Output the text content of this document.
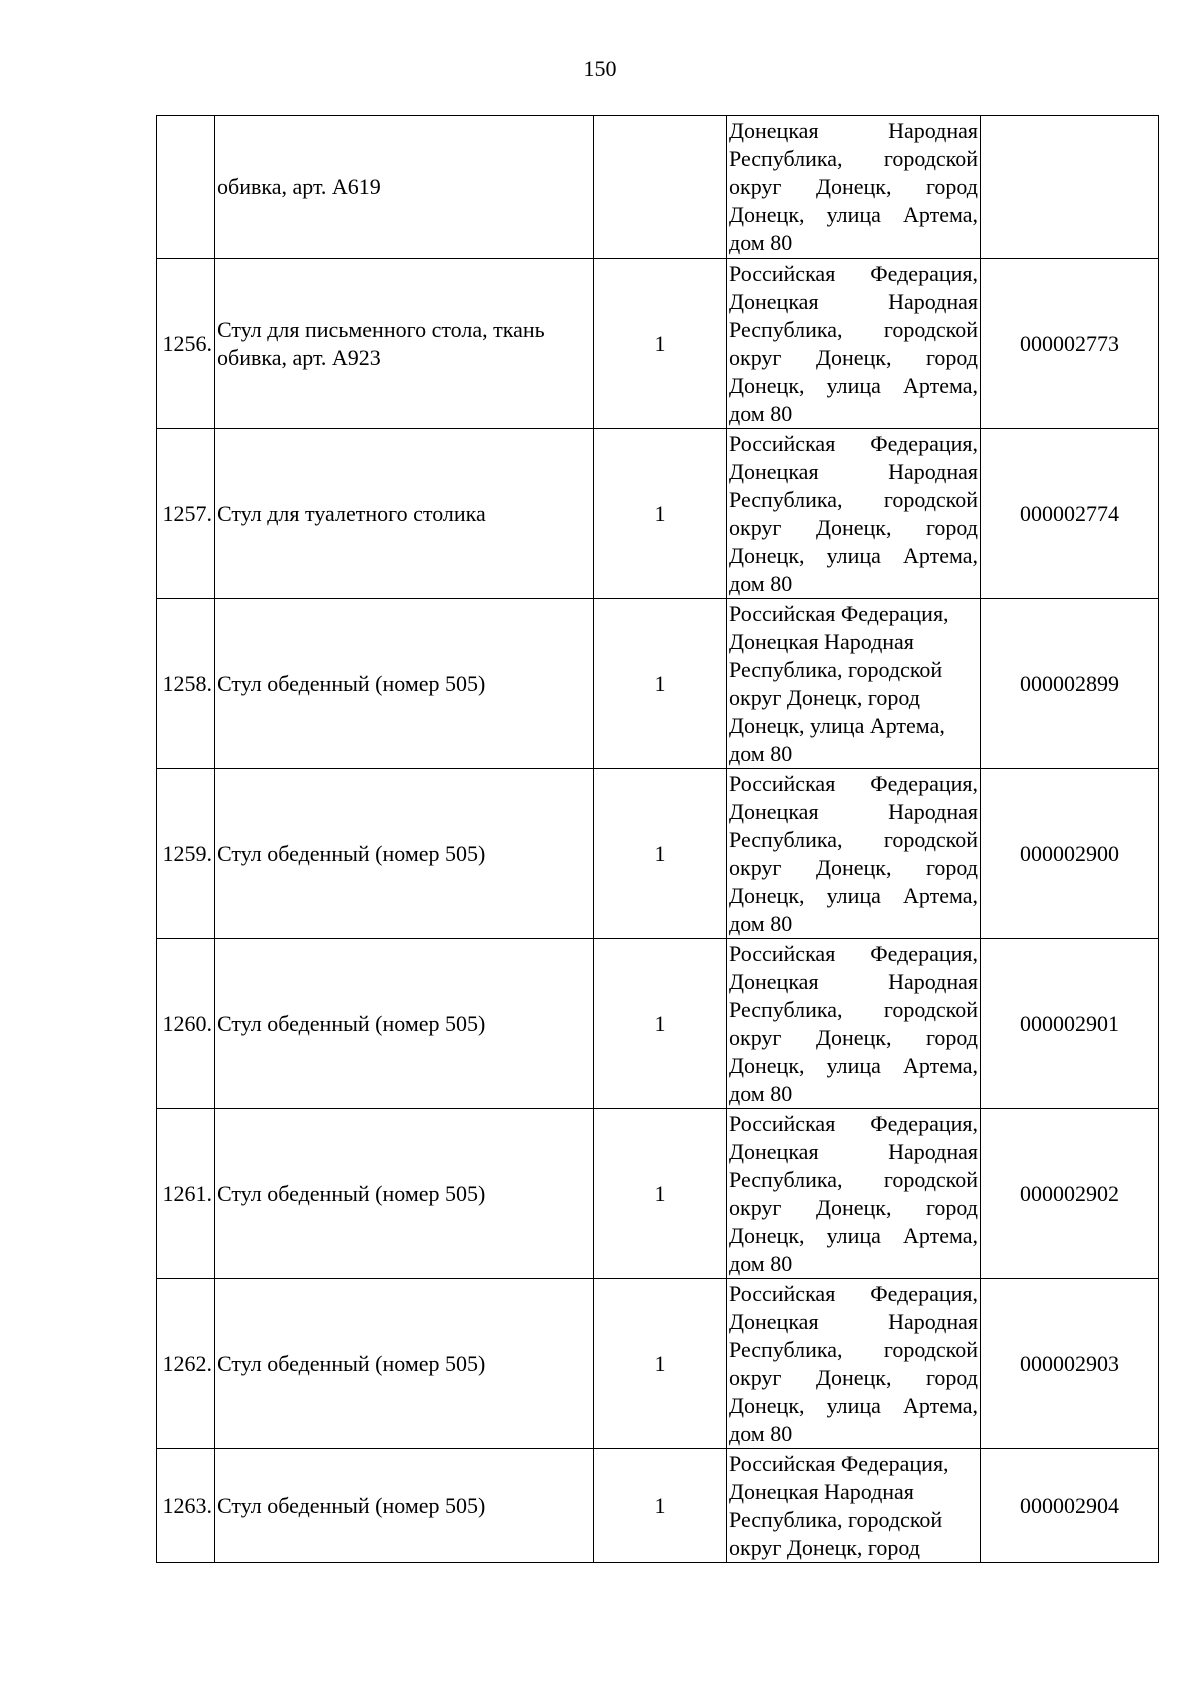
150
	обивка, арт. А619		Донецкая Народная Республика, городской округ Донецк, город Донецк, улица Артема, дом 80	

1256.	Стул для письменного стола, ткань обивка, арт. А923	1	Российская Федерация, Донецкая Народная Республика, городской округ Донецк, город Донецк, улица Артема, дом 80	000002773
1257.	Стул для туалетного столика	1	Российская Федерация, Донецкая Народная Республика, городской округ Донецк, город Донецк, улица Артема, дом 80	000002774
1258.	Стул обеденный (номер 505)	1	Российская Федерация, Донецкая Народная Республика, городской округ Донецк, город Донецк, улица Артема, дом 80	000002899
1259.	Стул обеденный (номер 505)	1	Российская Федерация, Донецкая Народная Республика, городской округ Донецк, город Донецк, улица Артема, дом 80	000002900
1260.	Стул обеденный (номер 505)	1	Российская Федерация, Донецкая Народная Республика, городской округ Донецк, город Донецк, улица Артема, дом 80	000002901
1261.	Стул обеденный (номер 505)	1	Российская Федерация, Донецкая Народная Республика, городской округ Донецк, город Донецк, улица Артема, дом 80	000002902
1262.	Стул обеденный (номер 505)	1	Российская Федерация, Донецкая Народная Республика, городской округ Донецк, город Донецк, улица Артема, дом 80	000002903
1263.	Стул обеденный (номер 505)	1	Российская Федерация, Донецкая Народная Республика, городской округ Донецк, город	000002904
